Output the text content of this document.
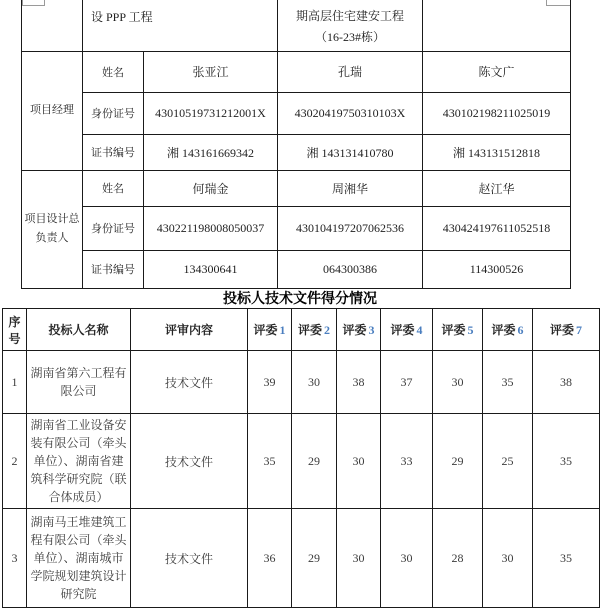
	设 PPP 工程		期高层住宅建安工程
（16-23#栋）	

项目经理	姓名	张亚江	孔瑞	陈文广
	身份证号	43010519731212001X	43020419750310103X	430102198211025019
	证书编号	湘 143161669342	湘 143131410780	湘 143131512818
项目设计总负责人	姓名	何瑞金	周湘华	赵江华
	身份证号	430221198008050037	430104197207062536	430424197611052518
	证书编号	134300641	064300386	114300526
投标人技术文件得分情况
序号	投标人名称	评审内容	评委 1	评委 2	评委 3	评委 4	评委 5	评委 6	评委 7
1	湖南省第六工程有限公司	技术文件	39	30	38	37	30	35	38
2	湖南省工业设备安装有限公司（牵头单位）、湖南省建筑科学研究院（联合体成员）	技术文件	35	29	30	33	29	25	35
3	湖南马王堆建筑工程有限公司（牵头单位）、湖南城市学院规划建筑设计研究院	技术文件	36	29	30	30	28	30	35
